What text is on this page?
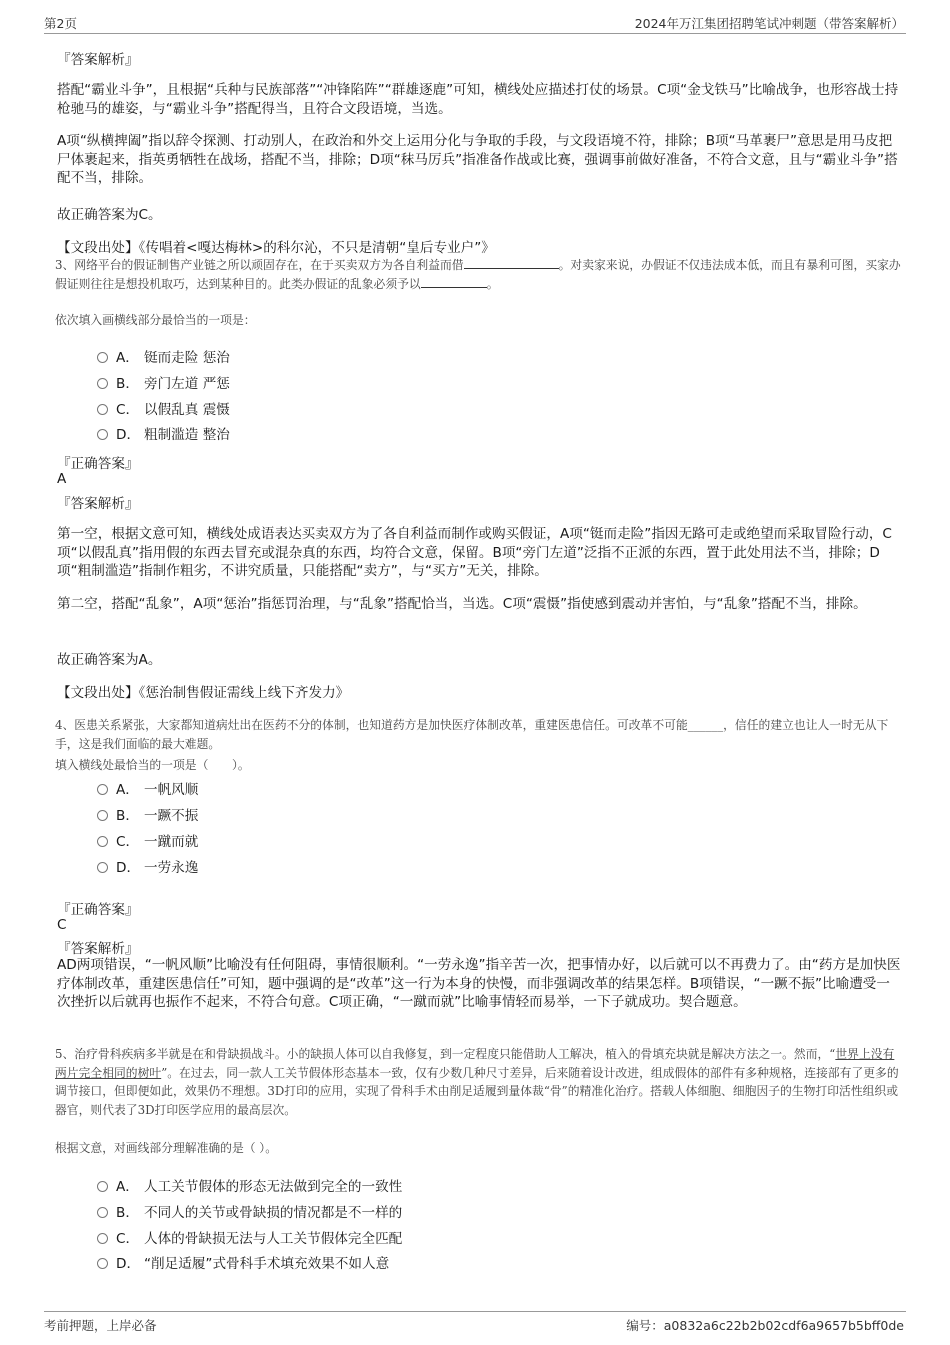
第2页	2024年万江集团招聘笔试冲刺题（带答案解析）
『答案解析』

搭配“霸业斗争”，且根据“兵种与民族部落”“冲锋陷阵”“群雄逐鹿”可知，横线处应描述打仗的场景。C项“金戈铁马”比喻战争，也形容战士持枪驰马的雄姿，与“霸业斗争”搭配得当，且符合文段语境，当选。

A项“纵横捭阖”指以辞令探测、打动别人，在政治和外交上运用分化与争取的手段，与文段语境不符，排除；B项“马革裹尸”意思是用马皮把尸体裹起来，指英勇牺牲在战场，搭配不当，排除；D项“秣马厉兵”指准备作战或比赛，强调事前做好准备，不符合文意，且与“霸业斗争”搭配不当，排除。

故正确答案为C。
【文段出处】《传唱着<嘎达梅林>的科尔沁，不只是清朝“皇后专业户”》

3、网络平台的假证制售产业链之所以顽固存在，在于买卖双方为各自利益而借	。对卖家来说，办假证不仅违法成本低，而且有暴利可图，买家办假证则往往是想投机取巧，达到某种目的。此类办假证的乱象必须予以	。

依次填入画横线部分最恰当的一项是：
A． 铤而走险 惩治
B． 旁门左道 严惩
C． 以假乱真 震慑
D． 粗制滥造 整治
『正确答案』
A
『答案解析』

第一空，根据文意可知，横线处成语表达买卖双方为了各自利益而制作或购买假证，A项“铤而走险”指因无路可走或绝望而采取冒险行动，C项“以假乱真”指用假的东西去冒充或混杂真的东西，均符合文意，保留。B项“旁门左道”泛指不正派的东西，置于此处用法不当，排除；D项“粗制滥造”指制作粗劣，不讲究质量，只能搭配“卖方”，与“买方”无关，排除。

第二空，搭配“乱象”，A项“惩治”指惩罚治理，与“乱象”搭配恰当，当选。C项“震慑”指使感到震动并害怕，与“乱象”搭配不当，排除。

故正确答案为A。
【文段出处】《惩治制售假证需线上线下齐发力》

4、医患关系紧张，大家都知道病灶出在医药不分的体制，也知道药方是加快医疗体制改革，重建医患信任。可改革不可能______，信任的建立也让人一时无从下手，这是我们面临的最大难题。

填入横线处最恰当的一项是（　　）。
A． 一帆风顺
B． 一蹶不振
C． 一蹴而就
D． 一劳永逸
『正确答案』
C
『答案解析』

AD两项错误，“一帆风顺”比喻没有任何阻碍，事情很顺利。“一劳永逸”指辛苦一次，把事情办好，以后就可以不再费力了。由“药方是加快医疗体制改革，重建医患信任”可知，题中强调的是“改革”这一行为本身的快慢，而非强调改革的结果怎样。B项错误，“一蹶不振”比喻遭受一次挫折以后就再也振作不起来，不符合句意。C项正确，“一蹴而就”比喻事情轻而易举，一下子就成功。契合题意。

5、治疗骨科疾病多半就是在和骨缺损战斗。小的缺损人体可以自我修复，到一定程度只能借助人工解决，植入的骨填充块就是解决方法之一。然而，“世界上没有两片完全相同的树叶”。在过去，同一款人工关节假体形态基本一致，仅有少数几种尺寸差异，后来随着设计改进，组成假体的部件有多种规格，连接部有了更多的调节接口，但即便如此，效果仍不理想。3D打印的应用，实现了骨科手术由削足适履到量体裁“骨”的精准化治疗。搭载人体细胞、细胞因子的生物打印活性组织或器官，则代表了3D打印医学应用的最高层次。

根据文意，对画线部分理解准确的是（ ）。
A． 人工关节假体的形态无法做到完全的一致性
B． 不同人的关节或骨缺损的情况都是不一样的
C． 人体的骨缺损无法与人工关节假体完全匹配
D． “削足适履”式骨科手术填充效果不如人意
考前押题，上岸必备	编号：a0832a6c22b2b02cdf6a9657b5bff0de
